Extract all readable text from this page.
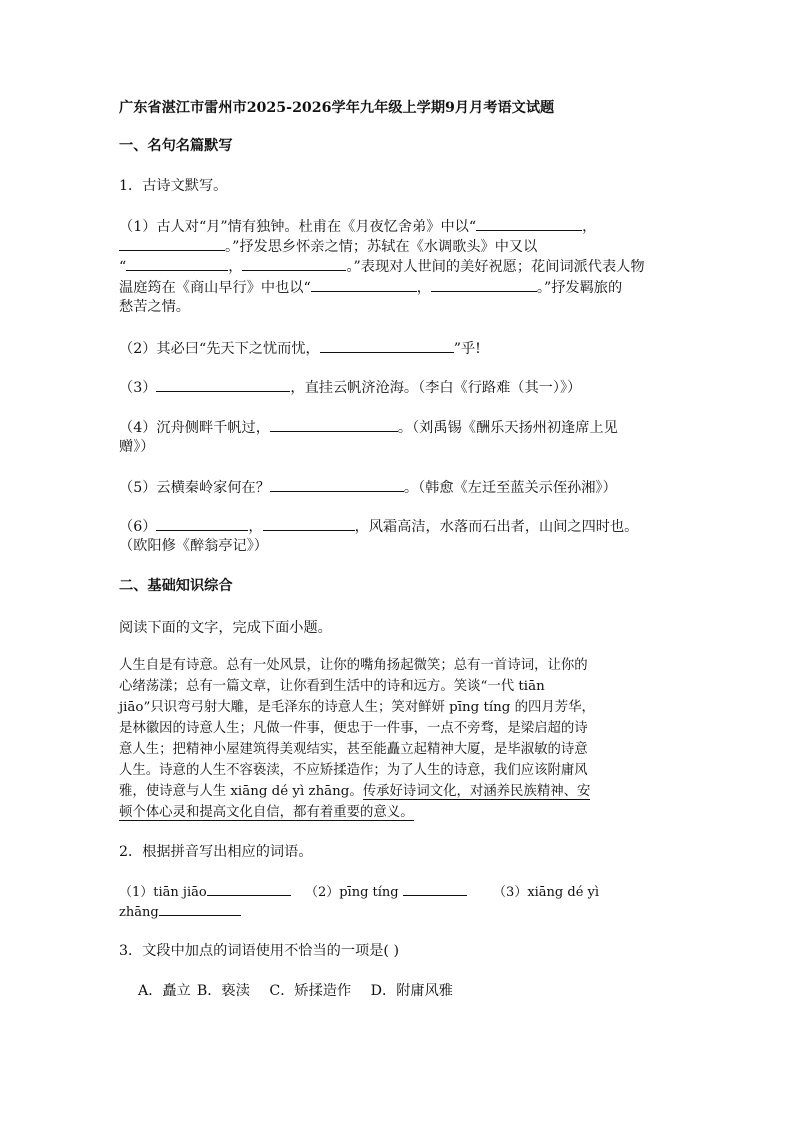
广东省湛江市雷州市2025-2026学年九年级上学期9月月考语文试题
一、名句名篇默写
1．古诗文默写。
（1）古人对“月”情有独钟。杜甫在《月夜忆舍弟》中以“	，
。”抒发思乡怀亲之情；苏轼在《水调歌头》中又以
“	，	。”表现对人世间的美好祝愿；花间词派代表人物
温庭筠在《商山早行》中也以“	，	。”抒发羁旅的
愁苦之情。
（2）其必曰“先天下之忧而忧，	”乎!
（3）	，直挂云帆济沧海。（李白《行路难（其一）》）
（4）沉舟侧畔千帆过，	。（刘禹锡《酬乐天扬州初逢席上见
赠》）
（5）云横秦岭家何在？	。（韩愈《左迁至蓝关示侄孙湘》）
（6）	，	，风霜高洁，水落而石出者，山间之四时也。
（欧阳修《醉翁亭记》）
二、基础知识综合
阅读下面的文字，完成下面小题。
人生自是有诗意。总有一处风景，让你的嘴角扬起微笑；总有一首诗词，让你的
心绪荡漾；总有一篇文章，让你看到生活中的诗和远方。笑谈“一代 tiān
jiāo”只识弯弓射大雕，是毛泽东的诗意人生；笑对鲜妍 pīng tíng 的四月芳华，
是林徽因的诗意人生；凡做一件事，便忠于一件事，一点不旁骛，是梁启超的诗
意人生；把精神小屋建筑得美观结实，甚至能矗立起精神大厦，是毕淑敏的诗意
人生。诗意的人生不容亵渎，不应矫揉造作；为了人生的诗意，我们应该附庸风
雅，使诗意与人生 xiāng dé yì zhāng。传承好诗词文化，对涵养民族精神、安
顿个体心灵和提高文化自信，都有着重要的意义。
2．根据拼音写出相应的词语。
（1）tiān jiāo	（2）pīng tíng	（3）xiāng dé yì
zhāng
3．文段中加点的词语使用不恰当的一项是( )
A．矗立 B．亵渎 C．矫揉造作 D．附庸风雅
